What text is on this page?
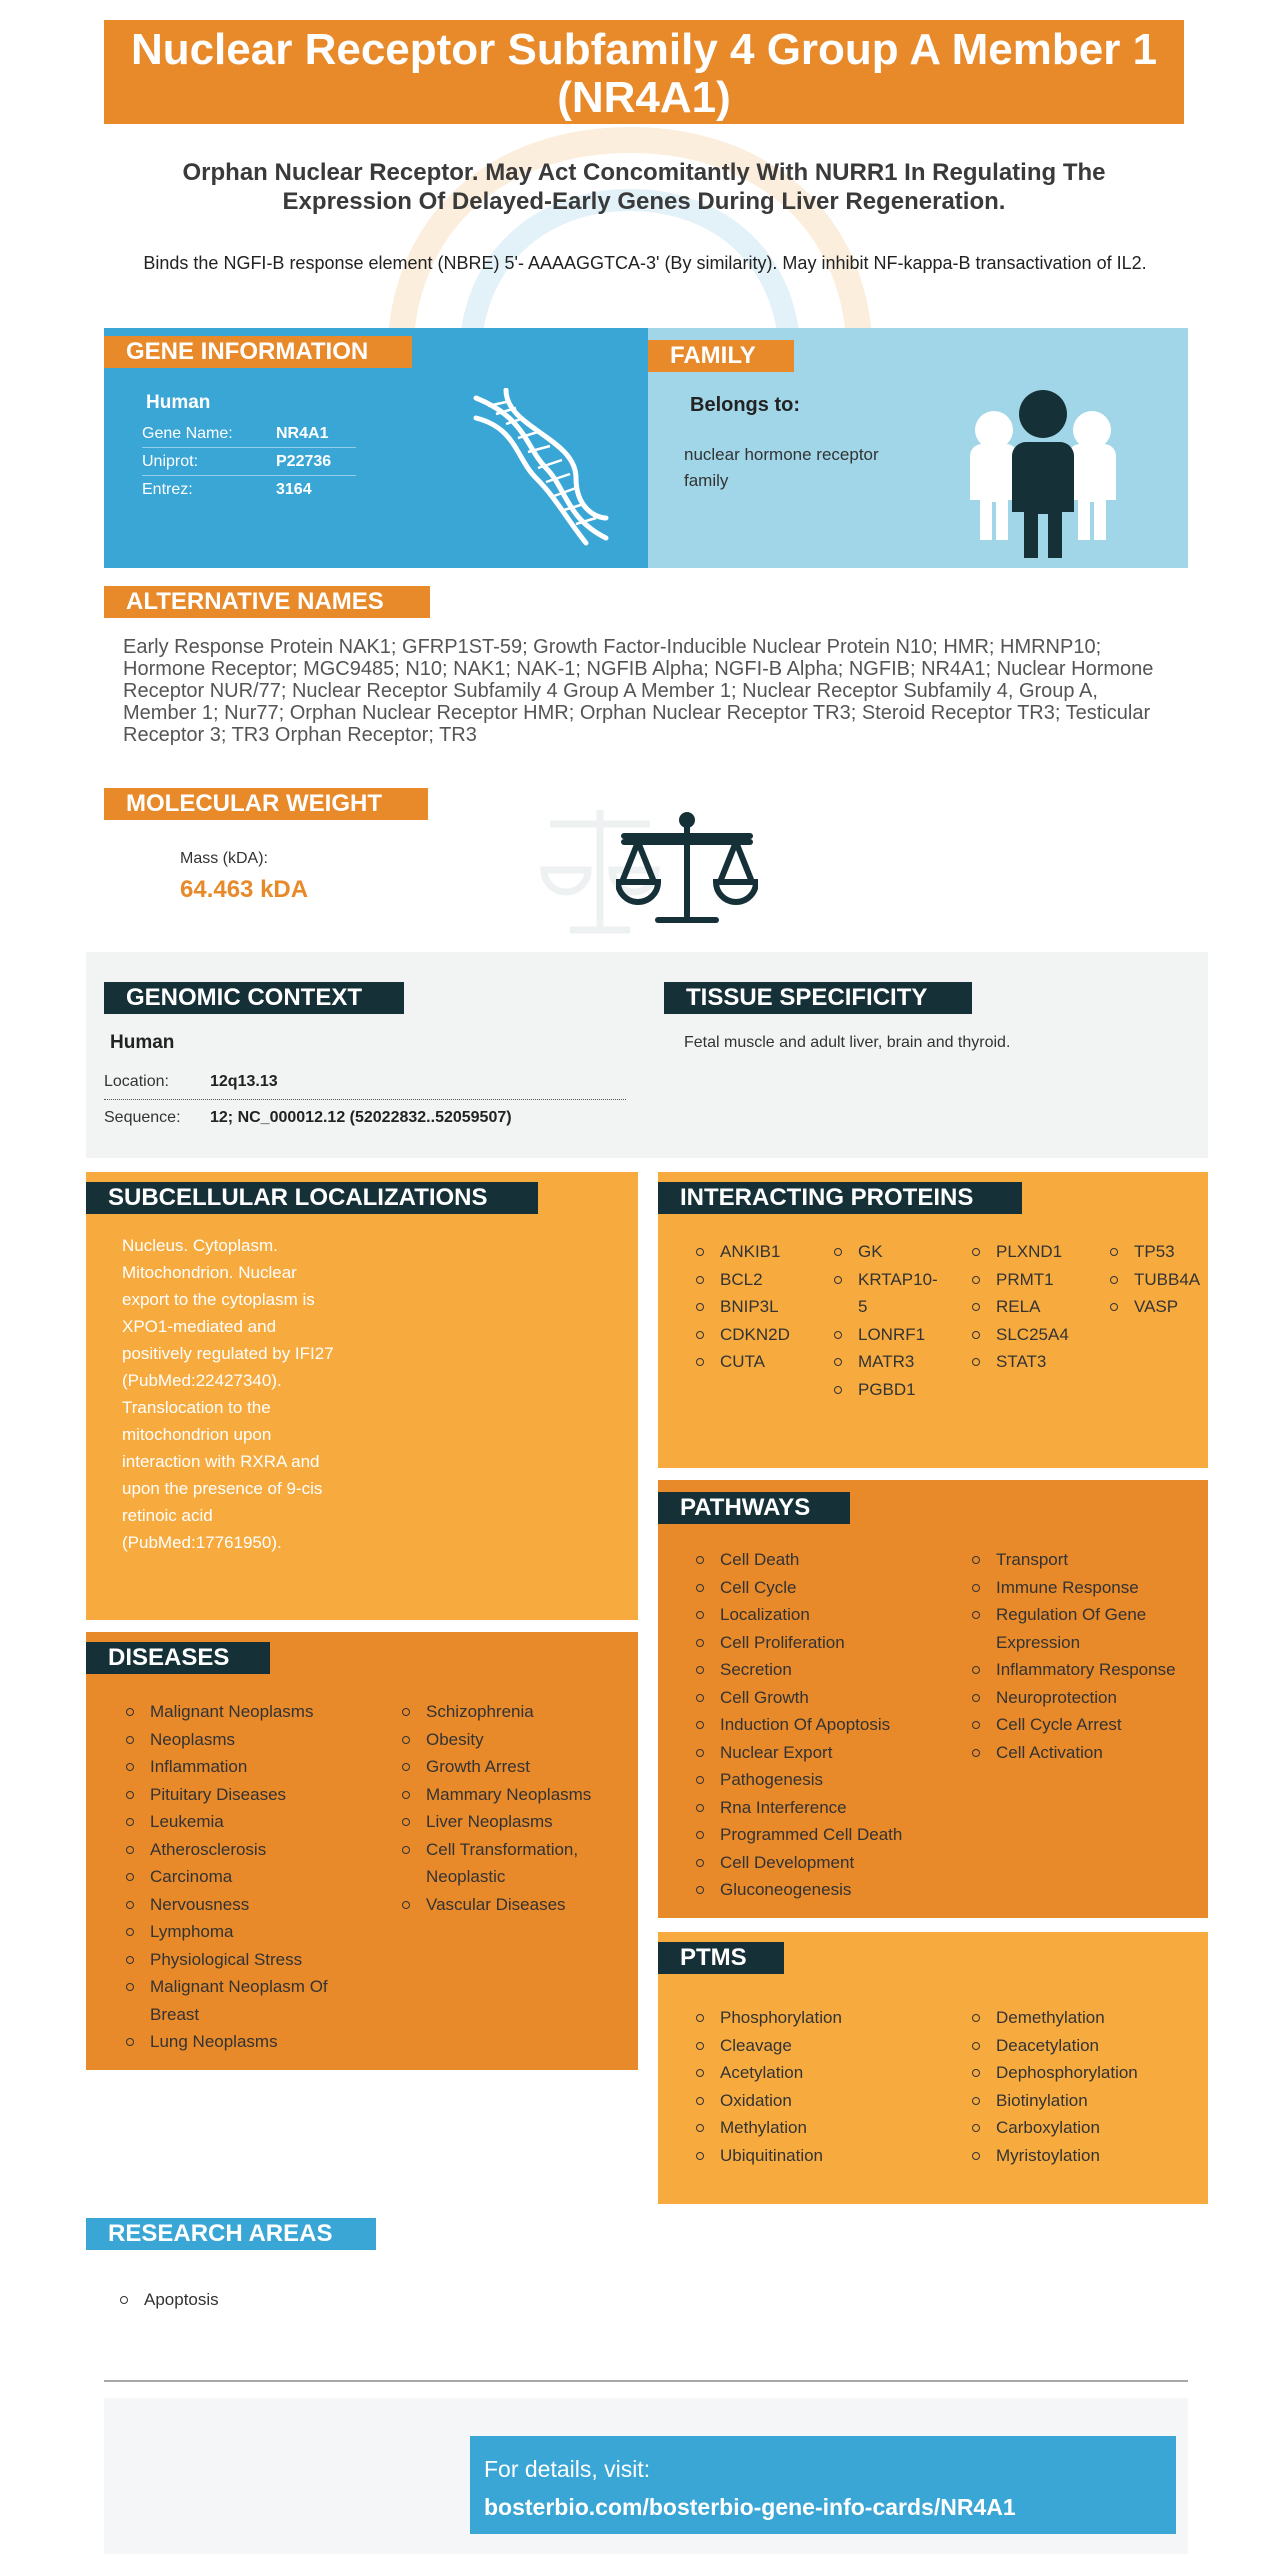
Nuclear Receptor Subfamily 4 Group A Member 1 (NR4A1)
Orphan Nuclear Receptor. May Act Concomitantly With NURR1 In Regulating The Expression Of Delayed-Early Genes During Liver Regeneration.
Binds the NGFI-B response element (NBRE) 5'- AAAAGGTCA-3' (By similarity). May inhibit NF-kappa-B transactivation of IL2.
GENE INFORMATION
Human
Gene Name:	NR4A1
Uniprot:	P22736
Entrez:	3164
FAMILY
Belongs to:
nuclear hormone receptor family
ALTERNATIVE NAMES
Early Response Protein NAK1; GFRP1ST-59; Growth Factor-Inducible Nuclear Protein N10; HMR; HMRNP10; Hormone Receptor; MGC9485; N10; NAK1; NAK-1; NGFIB Alpha; NGFI-B Alpha; NGFIB; NR4A1; Nuclear Hormone Receptor NUR/77; Nuclear Receptor Subfamily 4 Group A Member 1; Nuclear Receptor Subfamily 4, Group A, Member 1; Nur77; Orphan Nuclear Receptor HMR; Orphan Nuclear Receptor TR3; Steroid Receptor TR3; Testicular Receptor 3; TR3 Orphan Receptor; TR3
MOLECULAR WEIGHT
Mass (kDA):
64.463 kDA
GENOMIC CONTEXT
Human
Location:	12q13.13
Sequence:	12; NC_000012.12 (52022832..52059507)
TISSUE SPECIFICITY
Fetal muscle and adult liver, brain and thyroid.
SUBCELLULAR LOCALIZATIONS
Nucleus. Cytoplasm. Mitochondrion. Nuclear export to the cytoplasm is XPO1-mediated and positively regulated by IFI27 (PubMed:22427340). Translocation to the mitochondrion upon interaction with RXRA and upon the presence of 9-cis retinoic acid (PubMed:17761950).
INTERACTING PROTEINS
ANKIB1
BCL2
BNIP3L
CDKN2D
CUTA
GK
KRTAP10-5
LONRF1
MATR3
PGBD1
PLXND1
PRMT1
RELA
SLC25A4
STAT3
TP53
TUBB4A
VASP
DISEASES
Malignant Neoplasms
Neoplasms
Inflammation
Pituitary Diseases
Leukemia
Atherosclerosis
Carcinoma
Nervousness
Lymphoma
Physiological Stress
Malignant Neoplasm Of Breast
Lung Neoplasms
Schizophrenia
Obesity
Growth Arrest
Mammary Neoplasms
Liver Neoplasms
Cell Transformation, Neoplastic
Vascular Diseases
PATHWAYS
Cell Death
Cell Cycle
Localization
Cell Proliferation
Secretion
Cell Growth
Induction Of Apoptosis
Nuclear Export
Pathogenesis
Rna Interference
Programmed Cell Death
Cell Development
Gluconeogenesis
Transport
Immune Response
Regulation Of Gene Expression
Inflammatory Response
Neuroprotection
Cell Cycle Arrest
Cell Activation
PTMS
Phosphorylation
Cleavage
Acetylation
Oxidation
Methylation
Ubiquitination
Demethylation
Deacetylation
Dephosphorylation
Biotinylation
Carboxylation
Myristoylation
RESEARCH AREAS
Apoptosis
For details, visit:
bosterbio.com/bosterbio-gene-info-cards/NR4A1
